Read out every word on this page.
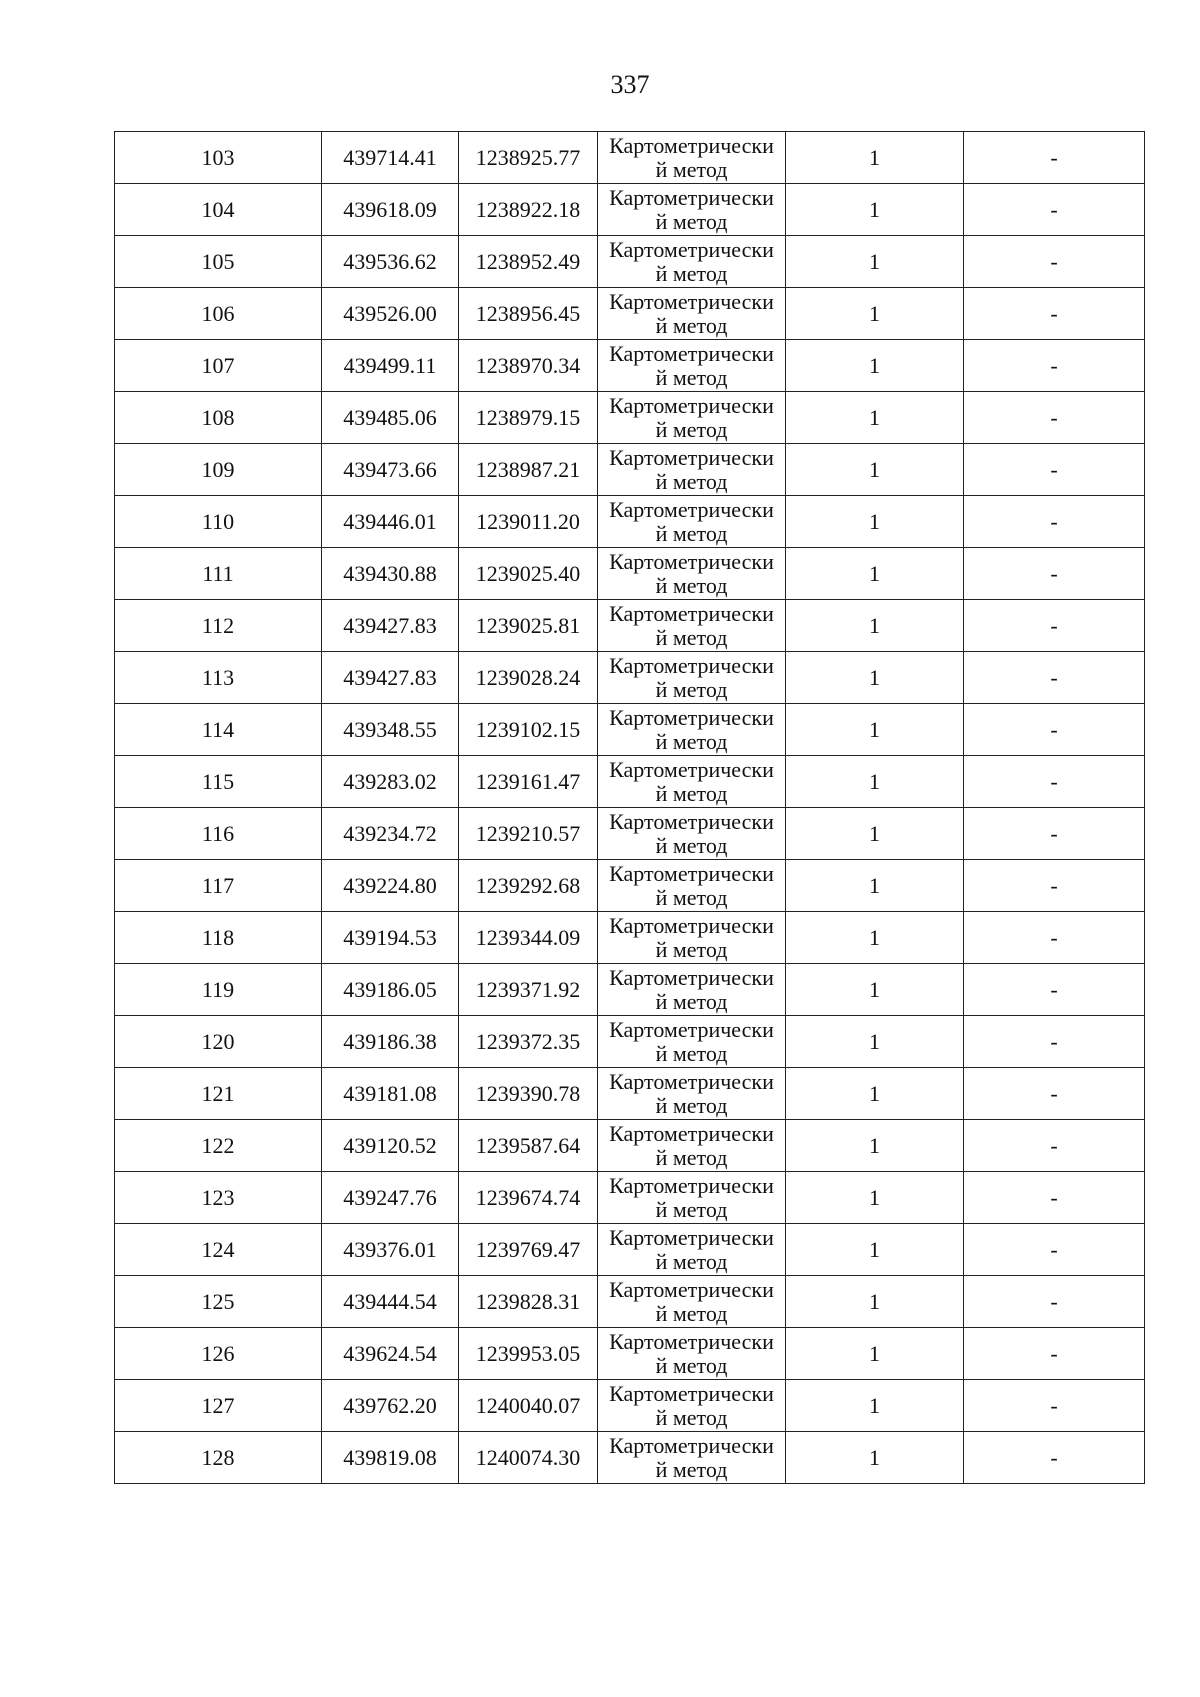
337
103	439714.41	1238925.77	Картометрически
й метод	1	-
104	439618.09	1238922.18	Картометрически
й метод	1	-
105	439536.62	1238952.49	Картометрически
й метод	1	-
106	439526.00	1238956.45	Картометрически
й метод	1	-
107	439499.11	1238970.34	Картометрически
й метод	1	-
108	439485.06	1238979.15	Картометрически
й метод	1	-
109	439473.66	1238987.21	Картометрически
й метод	1	-
110	439446.01	1239011.20	Картометрически
й метод	1	-
111	439430.88	1239025.40	Картометрически
й метод	1	-
112	439427.83	1239025.81	Картометрически
й метод	1	-
113	439427.83	1239028.24	Картометрически
й метод	1	-
114	439348.55	1239102.15	Картометрически
й метод	1	-
115	439283.02	1239161.47	Картометрически
й метод	1	-
116	439234.72	1239210.57	Картометрически
й метод	1	-
117	439224.80	1239292.68	Картометрически
й метод	1	-
118	439194.53	1239344.09	Картометрически
й метод	1	-
119	439186.05	1239371.92	Картометрически
й метод	1	-
120	439186.38	1239372.35	Картометрически
й метод	1	-
121	439181.08	1239390.78	Картометрически
й метод	1	-
122	439120.52	1239587.64	Картометрически
й метод	1	-
123	439247.76	1239674.74	Картометрически
й метод	1	-
124	439376.01	1239769.47	Картометрически
й метод	1	-
125	439444.54	1239828.31	Картометрически
й метод	1	-
126	439624.54	1239953.05	Картометрически
й метод	1	-
127	439762.20	1240040.07	Картометрически
й метод	1	-
128	439819.08	1240074.30	Картометрически
й метод	1	-
